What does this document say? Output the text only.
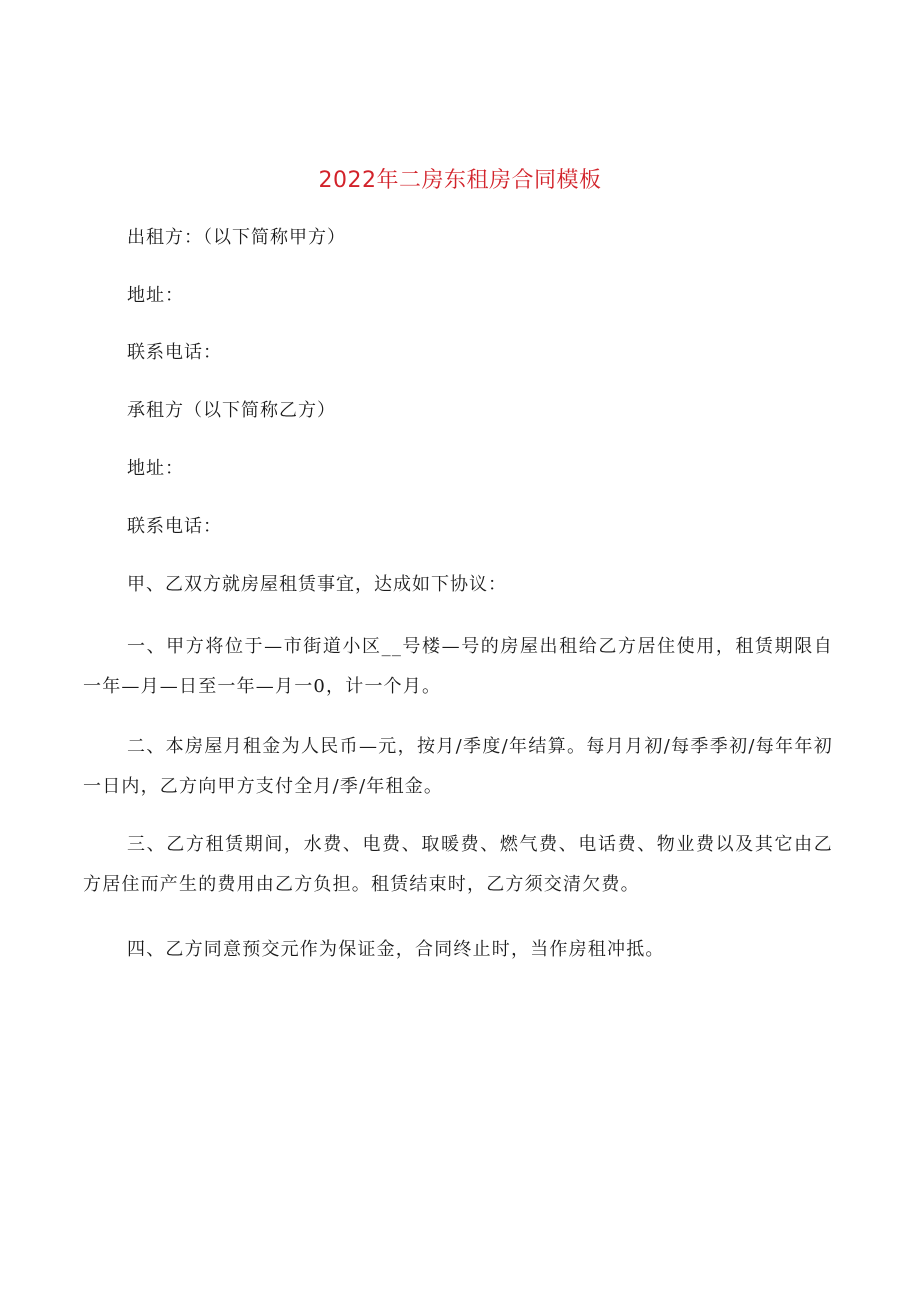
2022年二房东租房合同模板
出租方：（以下简称甲方）
地址：
联系电话：
承租方（以下简称乙方）
地址：
联系电话：
甲、乙双方就房屋租赁事宜，达成如下协议：
一、甲方将位于—市街道小区__号楼—号的房屋出租给乙方居住使用，租赁期限自一年—月—日至一年—月一0，计一个月。
二、本房屋月租金为人民币—元，按月/季度/年结算。每月月初/每季季初/每年年初一日内，乙方向甲方支付全月/季/年租金。
三、乙方租赁期间，水费、电费、取暖费、燃气费、电话费、物业费以及其它由乙方居住而产生的费用由乙方负担。租赁结束时，乙方须交清欠费。
四、乙方同意预交元作为保证金，合同终止时，当作房租冲抵。
